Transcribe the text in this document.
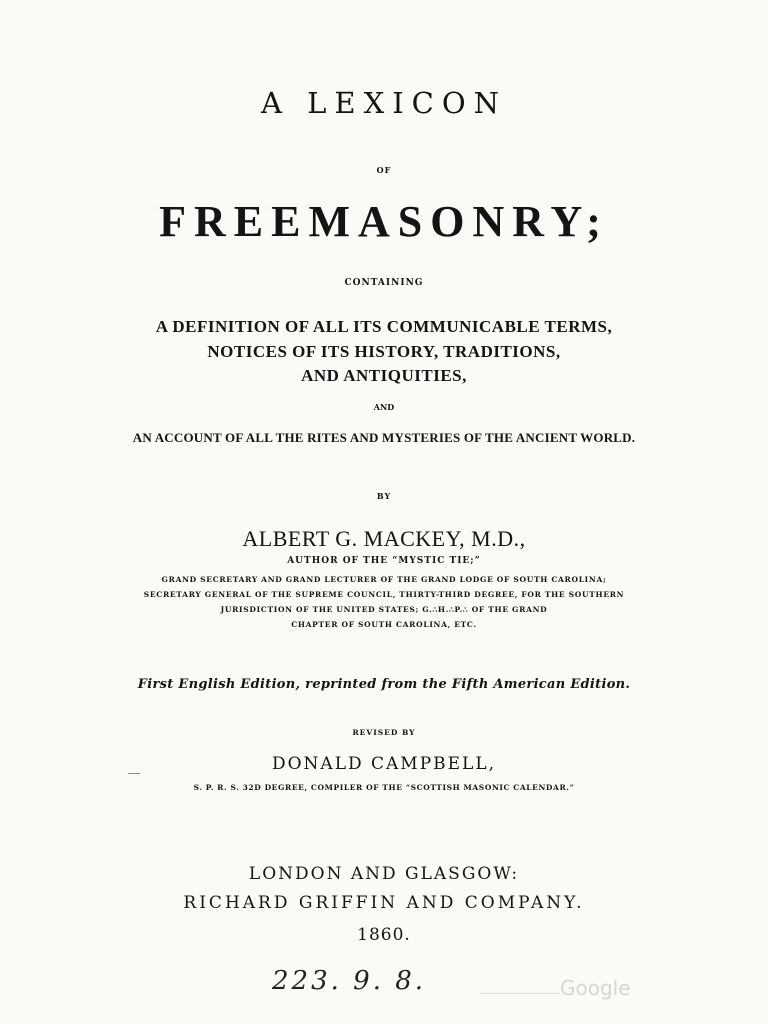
A LEXICON
OF
FREEMASONRY;
CONTAINING
A DEFINITION OF ALL ITS COMMUNICABLE TERMS,
NOTICES OF ITS HISTORY, TRADITIONS,
AND ANTIQUITIES,
AND
AN ACCOUNT OF ALL THE RITES AND MYSTERIES OF THE ANCIENT WORLD.
BY
ALBERT G. MACKEY, M.D.,
AUTHOR OF THE “MYSTIC TIE;”
GRAND SECRETARY AND GRAND LECTURER OF THE GRAND LODGE OF SOUTH CAROLINA;
SECRETARY GENERAL OF THE SUPREME COUNCIL, THIRTY-THIRD DEGREE, FOR THE SOUTHERN
JURISDICTION OF THE UNITED STATES; G.∴H.∴P.∴ OF THE GRAND
CHAPTER OF SOUTH CAROLINA, ETC.
First English Edition, reprinted from the Fifth American Edition.
REVISED BY
DONALD CAMPBELL,
S. P. R. S. 32D DEGREE, COMPILER OF THE “SCOTTISH MASONIC CALENDAR.”
LONDON AND GLASGOW:
RICHARD GRIFFIN AND COMPANY.
1860.
223. 9. 8.	Google
